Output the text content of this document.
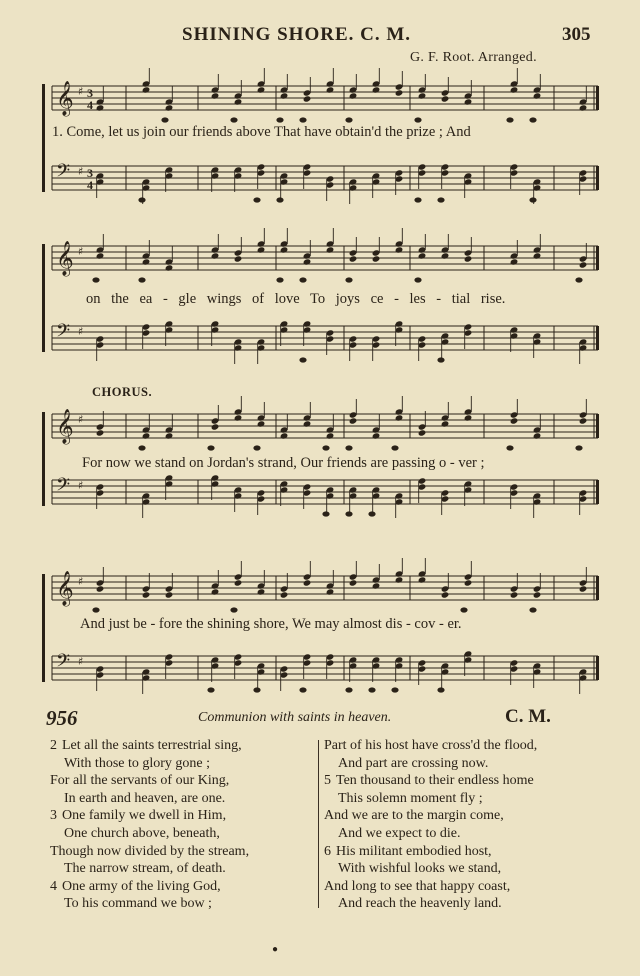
SHINING SHORE. C. M.	305
G. F. Root. Arranged.
𝄞 ♯ 3
4
𝄢 ♯ 3
4
1. Come, let us join our friends above That have obtain'd the prize ; And
𝄞 ♯
𝄢 ♯
on the ea - gle wings of love To joys ce - les - tial rise.
CHORUS.
𝄞 ♯
𝄢 ♯
For now we stand on Jordan's strand, Our friends are passing o - ver ;
𝄞 ♯
𝄢 ♯
And just be - fore the shining shore, We may almost dis - cov - er.
956	Communion with saints in heaven.	C. M.
2 Let all the saints terrestrial sing,
With those to glory gone ;
For all the servants of our King,
In earth and heaven, are one.
3 One family we dwell in Him,
One church above, beneath,
Though now divided by the stream,
The narrow stream, of death.
4 One army of the living God,
To his command we bow ;
Part of his host have cross'd the flood,
And part are crossing now.
5 Ten thousand to their endless home
This solemn moment fly ;
And we are to the margin come,
And we expect to die.
6 His militant embodied host,
With wishful looks we stand,
And long to see that happy coast,
And reach the heavenly land.
●
